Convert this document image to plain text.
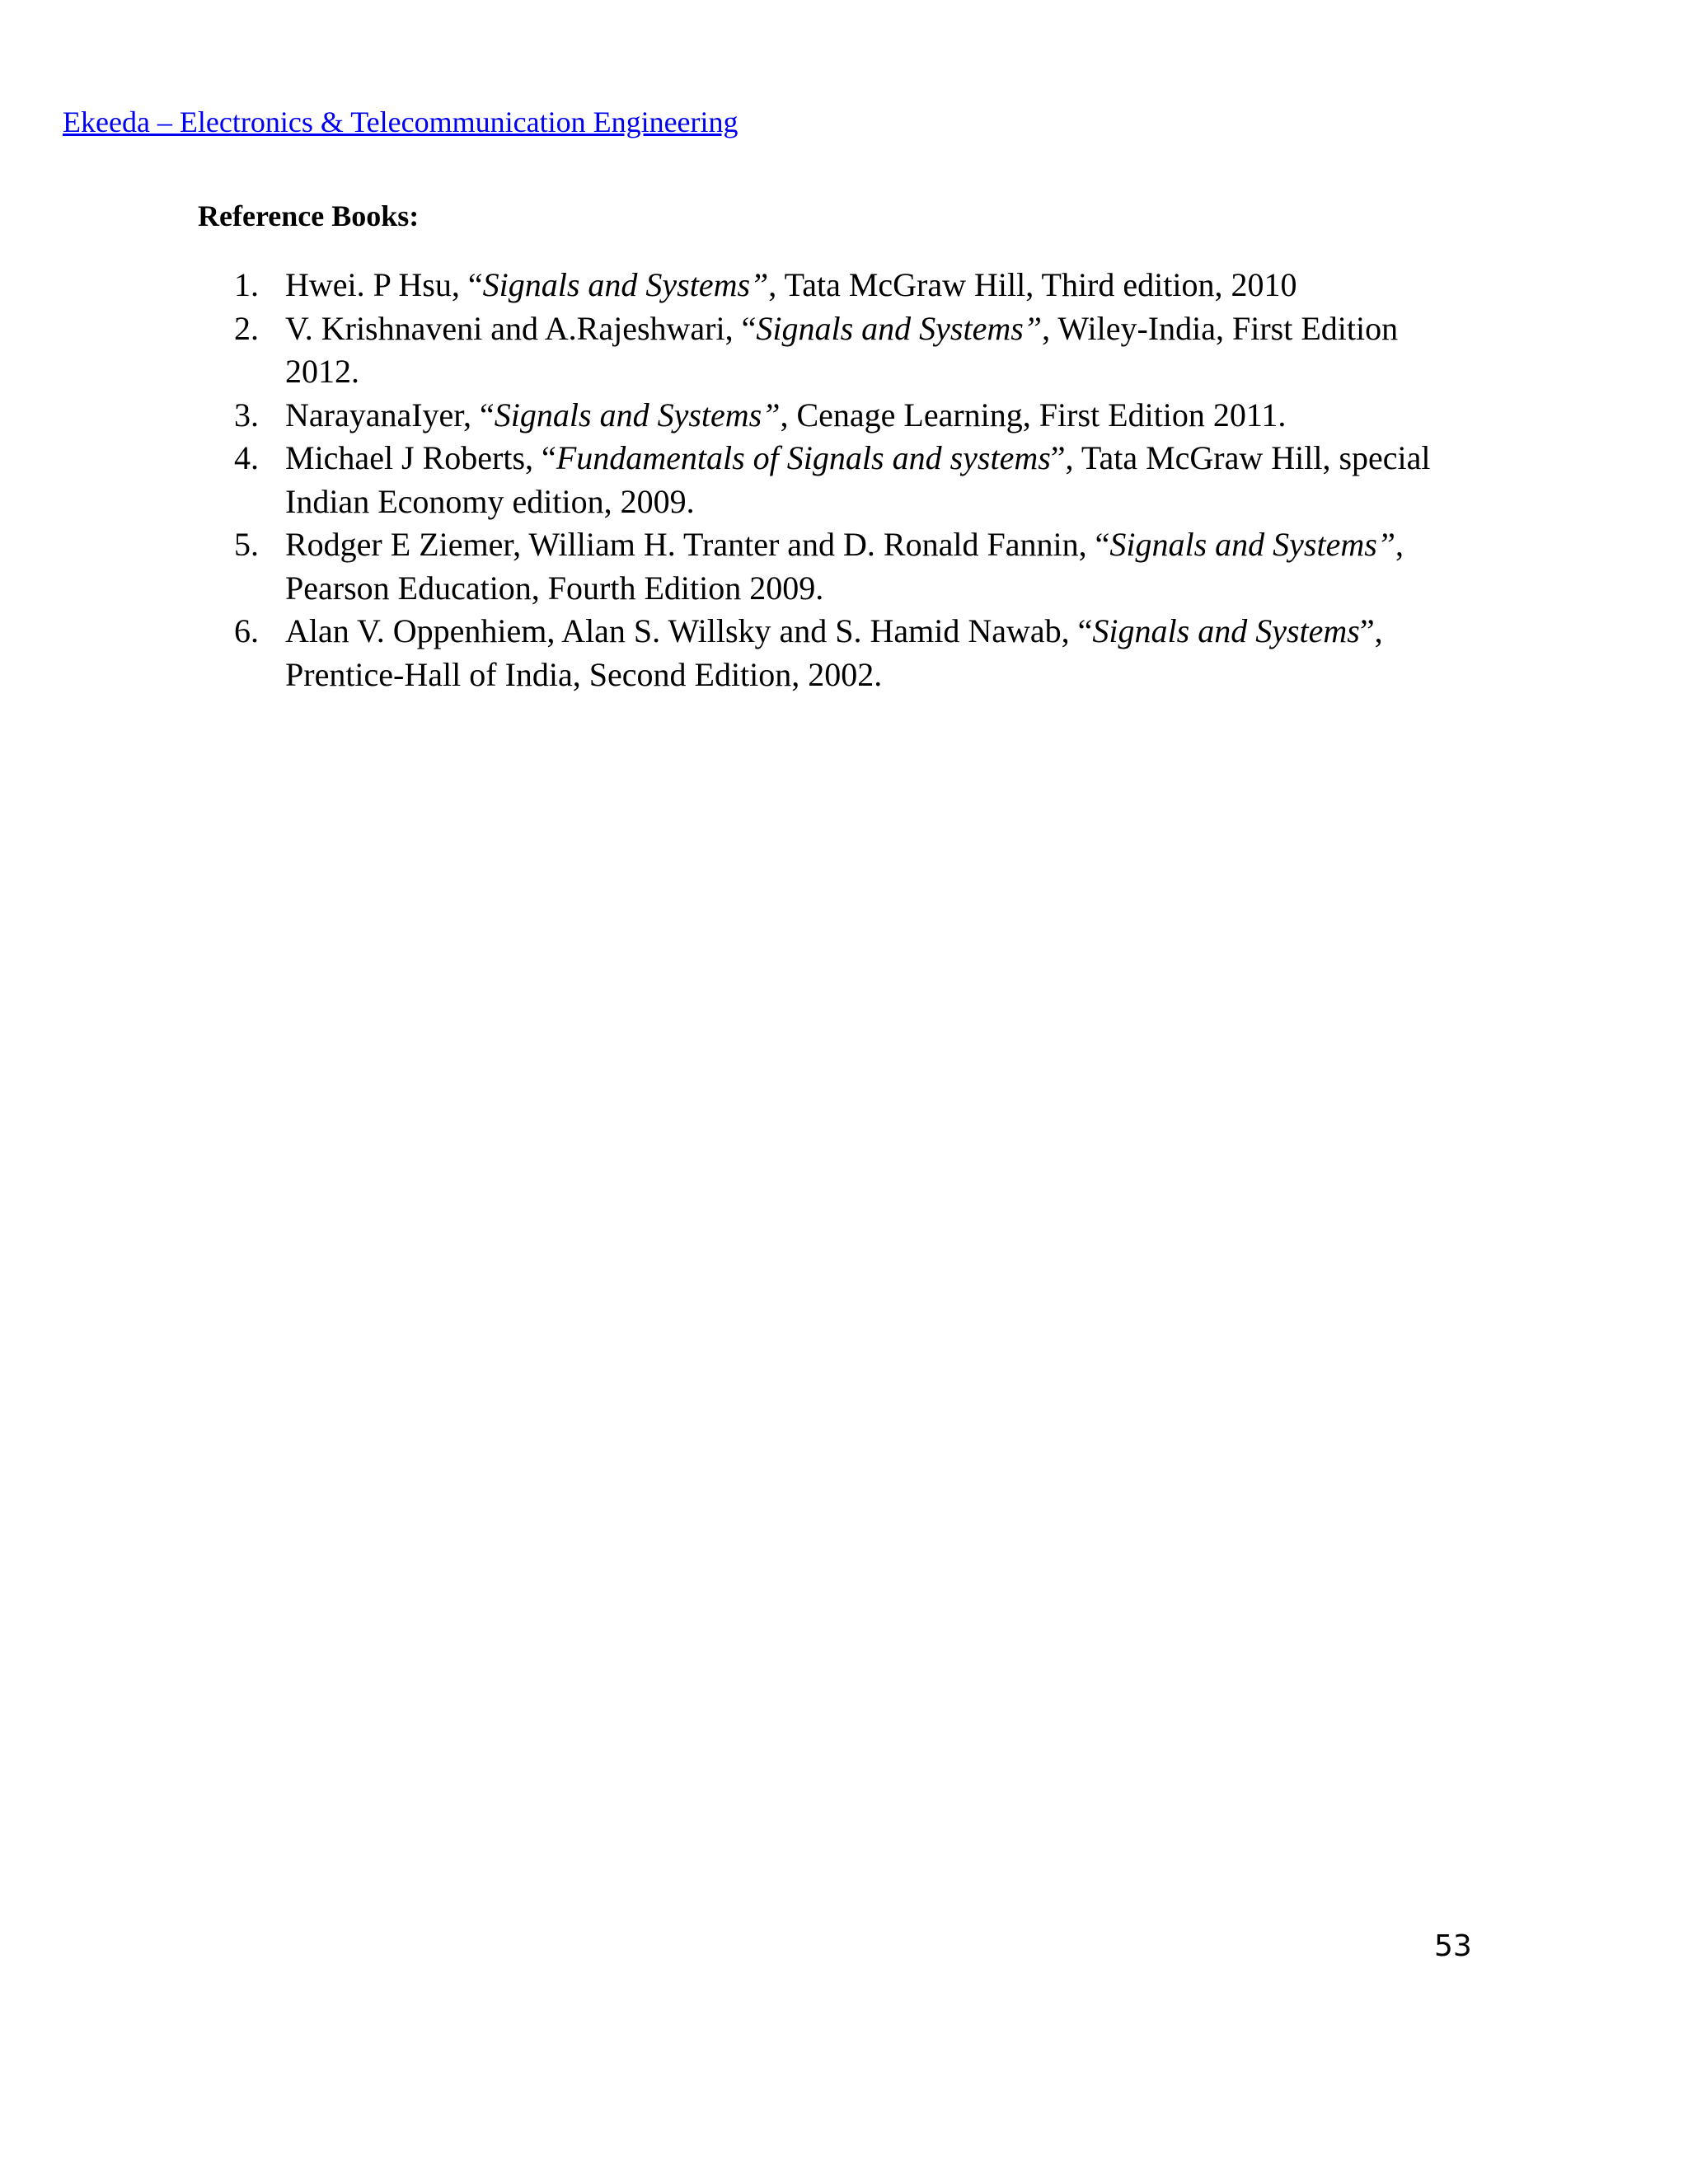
Ekeeda – Electronics & Telecommunication Engineering
Reference Books:
1. Hwei. P Hsu, “Signals and Systems”, Tata McGraw Hill, Third edition, 2010
2. V. Krishnaveni and A.Rajeshwari, “Signals and Systems”, Wiley-India, First Edition 2012.
3. NarayanaIyer, “Signals and Systems”, Cenage Learning, First Edition 2011.
4. Michael J Roberts, “Fundamentals of Signals and systems”, Tata McGraw Hill, special Indian Economy edition, 2009.
5. Rodger E Ziemer, William H. Tranter and D. Ronald Fannin, “Signals and Systems”, Pearson Education, Fourth Edition 2009.
6. Alan V. Oppenhiem, Alan S. Willsky and S. Hamid Nawab, “Signals and Systems”, Prentice-Hall of India, Second Edition, 2002.
53
